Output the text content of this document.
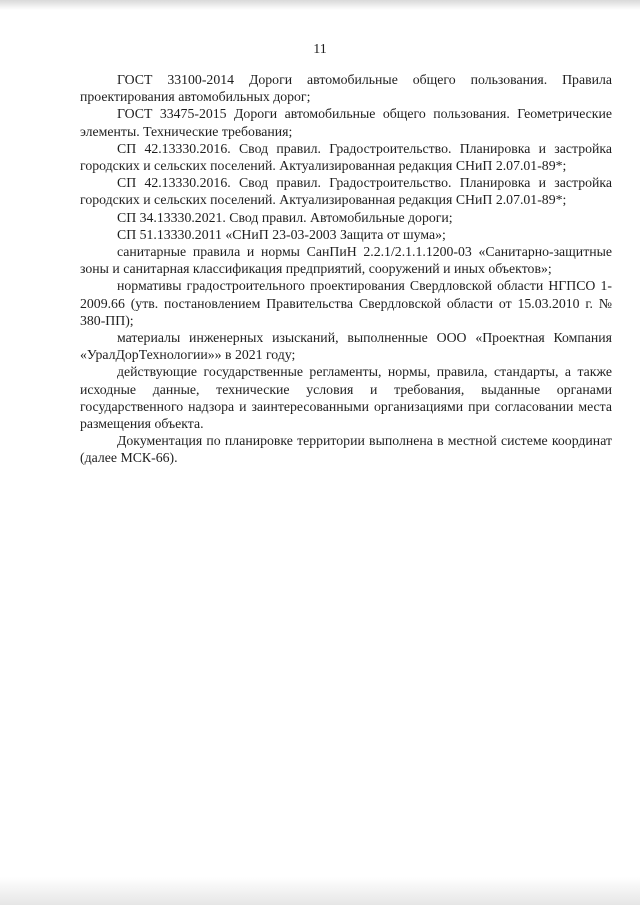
11

ГОСТ 33100-2014 Дороги автомобильные общего пользования. Правила проектирования автомобильных дорог;

ГОСТ 33475-2015 Дороги автомобильные общего пользования. Геометрические элементы. Технические требования;

СП 42.13330.2016. Свод правил. Градостроительство. Планировка и застройка городских и сельских поселений. Актуализированная редакция СНиП 2.07.01-89*;

СП 42.13330.2016. Свод правил. Градостроительство. Планировка и застройка городских и сельских поселений. Актуализированная редакция СНиП 2.07.01-89*;

СП 34.13330.2021. Свод правил. Автомобильные дороги;

СП 51.13330.2011 «СНиП 23-03-2003 Защита от шума»;

санитарные правила и нормы СанПиН 2.2.1/2.1.1.1200-03 «Санитарно-защитные зоны и санитарная классификация предприятий, сооружений и иных объектов»;

нормативы градостроительного проектирования Свердловской области НГПСО 1-2009.66 (утв. постановлением Правительства Свердловской области от 15.03.2010 г. № 380-ПП);

материалы инженерных изысканий, выполненные ООО «Проектная Компания «УралДорТехнологии»» в 2021 году;

действующие государственные регламенты, нормы, правила, стандарты, а также исходные данные, технические условия и требования, выданные органами государственного надзора и заинтересованными организациями при согласовании места размещения объекта.

Документация по планировке территории выполнена в местной системе координат (далее МСК-66).
